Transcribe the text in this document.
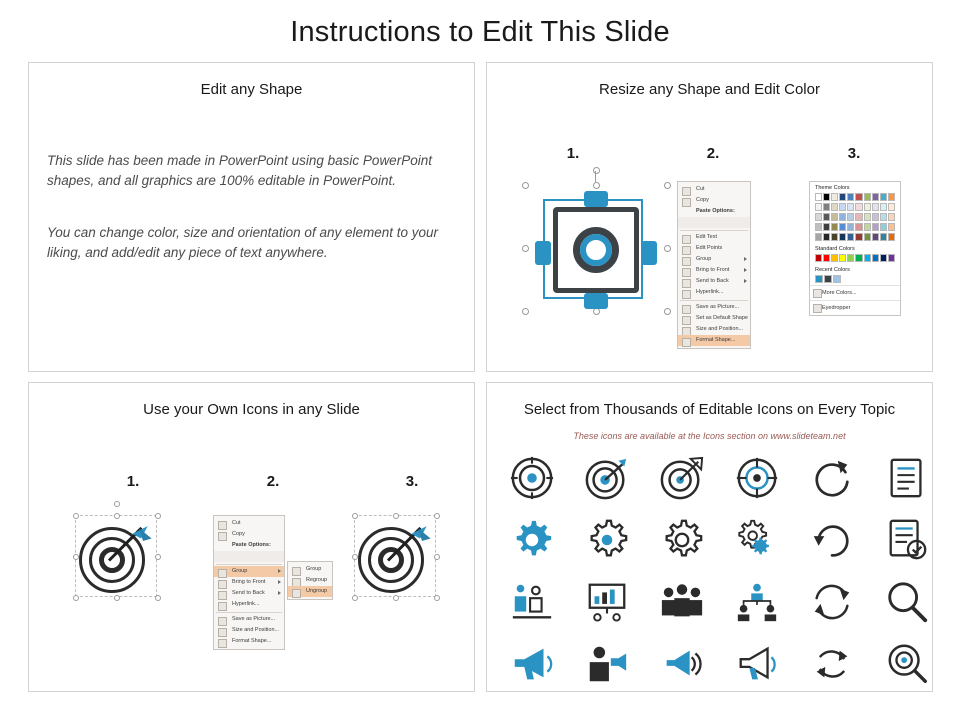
Instructions to Edit This Slide
Edit any Shape
This slide has been made in PowerPoint using basic PowerPoint shapes, and all graphics are 100% editable in PowerPoint.
You can change color, size and orientation of any element to your liking, and add/edit any piece of text anywhere.
Resize any Shape and Edit Color
1.	2.	3.
Cut
Copy
Paste Options:
Edit Text
Edit Points
Group
Bring to Front
Send to Back
Hyperlink...
Save as Picture...
Set as Default Shape
Size and Position...
Format Shape...
Theme Colors
Standard Colors
Recent Colors
More Colors...
Eyedropper
Use your Own Icons in any Slide
1.	2.	3.
Cut
Copy
Paste Options:
Group
Bring to Front
Send to Back
Hyperlink...
Save as Picture...
Size and Position...
Format Shape...
Group
Regroup
Ungroup
Select from Thousands of Editable Icons on Every Topic
These icons are available at the Icons section on www.slideteam.net
